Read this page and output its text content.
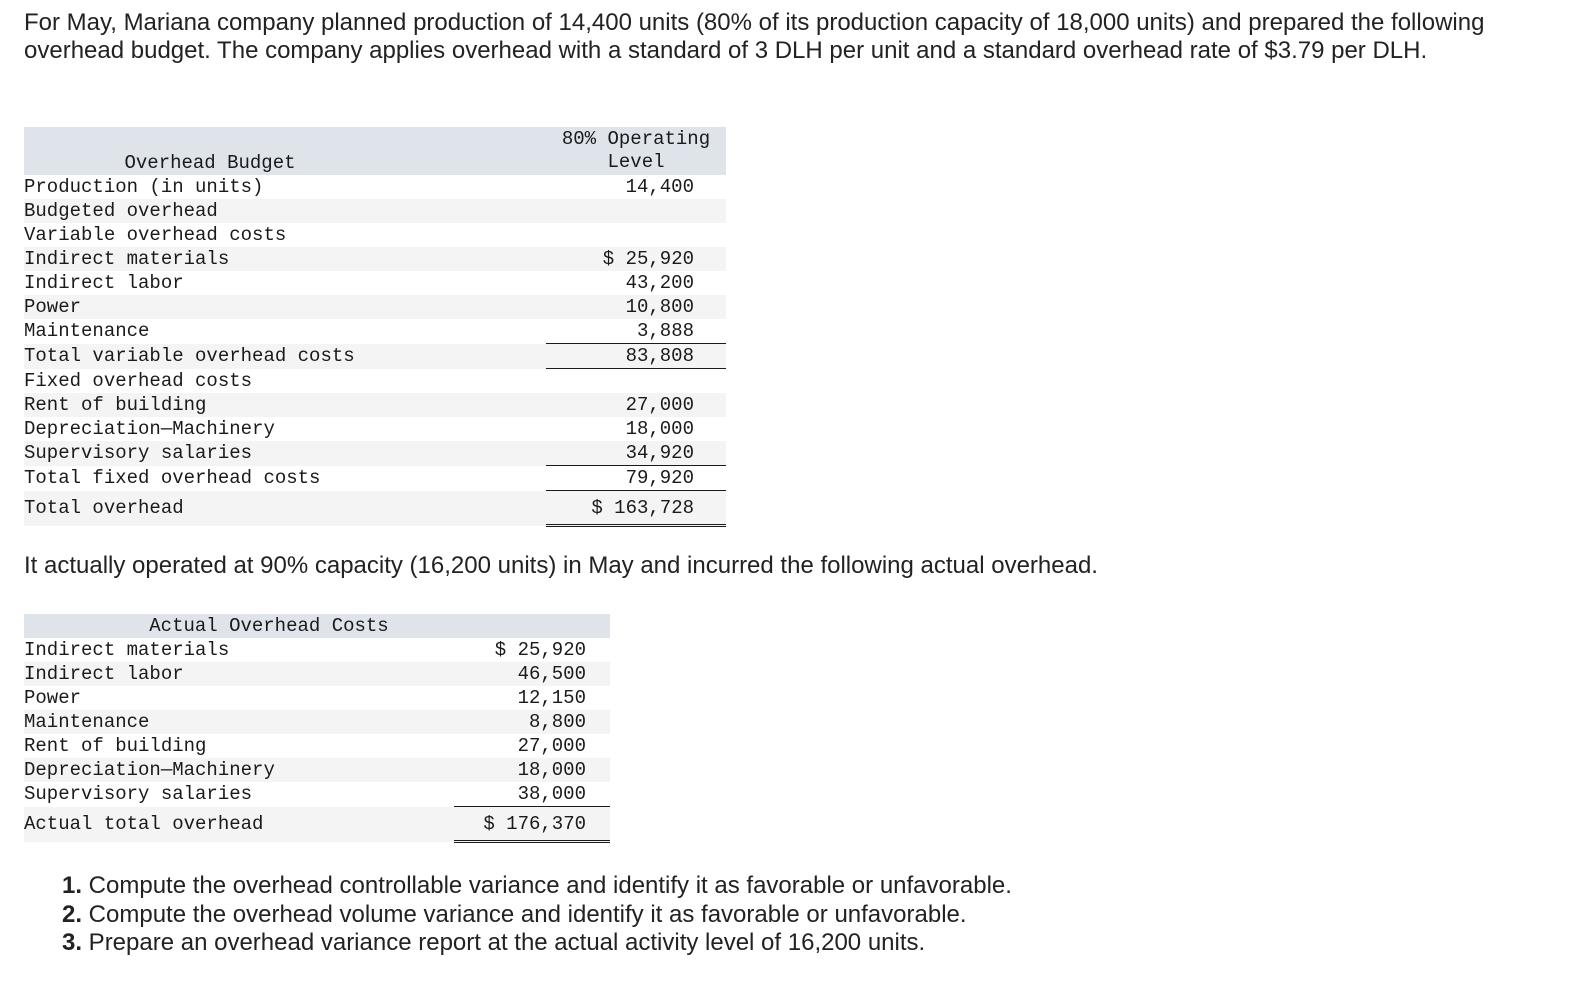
For May, Mariana company planned production of 14,400 units (80% of its production capacity of 18,000 units) and prepared the following overhead budget. The company applies overhead with a standard of 3 DLH per unit and a standard overhead rate of $3.79 per DLH.

Overhead Budget	80% Operating
Level
Production (in units)	14,400
Budgeted overhead	
Variable overhead costs	
Indirect materials	$ 25,920
Indirect labor	43,200
Power	10,800
Maintenance	3,888
Total variable overhead costs	83,808
Fixed overhead costs	
Rent of building	27,000
Depreciation—Machinery	18,000
Supervisory salaries	34,920
Total fixed overhead costs	79,920
Total overhead	$ 163,728

It actually operated at 90% capacity (16,200 units) in May and incurred the following actual overhead.

Actual Overhead Costs	
Indirect materials	$ 25,920
Indirect labor	46,500
Power	12,150
Maintenance	8,800
Rent of building	27,000
Depreciation—Machinery	18,000
Supervisory salaries	38,000
Actual total overhead	$ 176,370
1. Compute the overhead controllable variance and identify it as favorable or unfavorable.
2. Compute the overhead volume variance and identify it as favorable or unfavorable.
3. Prepare an overhead variance report at the actual activity level of 16,200 units.
